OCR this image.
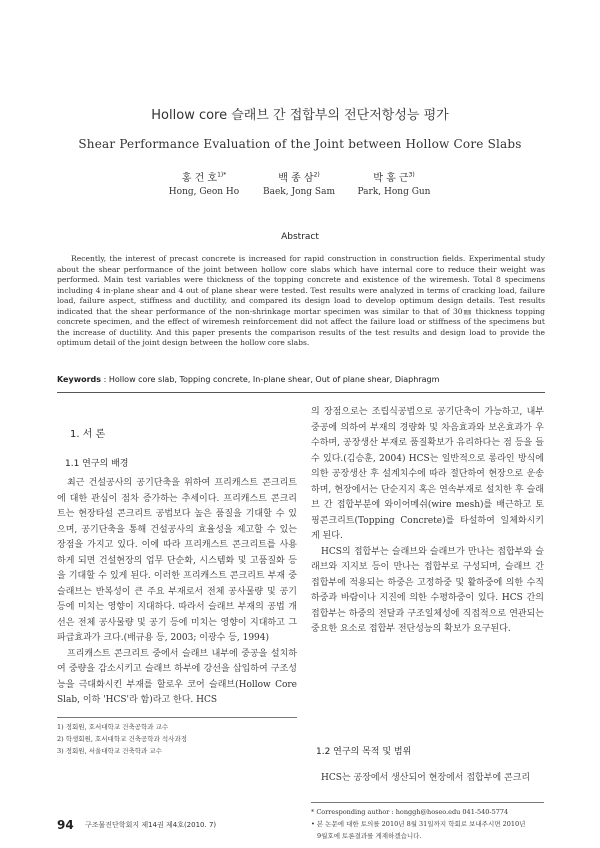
Hollow core 슬래브 간 접합부의 전단저항성능 평가
Shear Performance Evaluation of the Joint between Hollow Core Slabs
홍 건 호$^{1)*}$	백 종 삼$^{2)}$	박 홍 근$^{3)}$
Hong, Geon Ho	Baek, Jong Sam	Park, Hong Gun
Abstract
Recently, the interest of precast concrete is increased for rapid construction in construction fields. Experimental study about the shear performance of the joint between hollow core slabs which have internal core to reduce their weight was performed. Main test variables were thickness of the topping concrete and existence of the wiremesh. Total 8 specimens including 4 in-plane shear and 4 out of plane shear were tested. Test results were analyzed in terms of cracking load, failure load, failure aspect, stiffness and ductility, and compared its design load to develop optimum design details. Test results indicated that the shear performance of the non-shrinkage mortar specimen was similar to that of 30㎜ thickness topping concrete specimen, and the effect of wiremesh reinforcement did not affect the failure load or stiffness of the specimens but the increase of ductility. And this paper presents the comparison results of the test results and design load to provide the optimum detail of the joint design between the hollow core slabs.
Keywords : Hollow core slab, Topping concrete, In-plane shear, Out of plane shear, Diaphragm
1. 서 론
1.1 연구의 배경

최근 건설공사의 공기단축을 위하여 프리캐스트 콘크리트에 대한 관심이 점차 증가하는 추세이다. 프리캐스트 콘크리트는 현장타설 콘크리트 공법보다 높은 품질을 기대할 수 있으며, 공기단축을 통해 건설공사의 효율성을 제고할 수 있는 장점을 가지고 있다. 이에 따라 프리캐스트 콘크리트를 사용하게 되면 건설현장의 업무 단순화, 시스템화 및 고품질화 등을 기대할 수 있게 된다. 이러한 프리캐스트 콘크리트 부재 중 슬래브는 반복성이 큰 주요 부재로서 전체 공사물량 및 공기 등에 미치는 영향이 지대하다. 따라서 슬래브 부재의 공법 개선은 전체 공사물량 및 공기 등에 미치는 영향이 지대하고 그 파급효과가 크다.(배규용 등, 2003; 이광수 등, 1994)

프리캐스트 콘크리트 중에서 슬래브 내부에 중공을 설치하여 중량을 감소시키고 슬래브 하부에 강선을 삽입하여 구조성능을 극대화시킨 부재를 할로우 코어 슬래브(Hollow Core Slab, 이하 'HCS'라 함)라고 한다. HCS

의 장점으로는 조립식공법으로 공기단축이 가능하고, 내부 중공에 의하여 부재의 경량화 및 차음효과와 보온효과가 우수하며, 공장생산 부재로 품질확보가 유리하다는 점 등을 들 수 있다.(김승훈, 2004) HCS는 일반적으로 롱라인 방식에 의한 공장생산 후 설계치수에 따라 절단하여 현장으로 운송하며, 현장에서는 단순지지 혹은 연속부재로 설치한 후 슬래브 간 접합부분에 와이어메쉬(wire mesh)를 배근하고 토핑콘크리트(Topping Concrete)를 타설하여 일체화시키게 된다.

HCS의 접합부는 슬래브와 슬래브가 만나는 접합부와 슬래브와 지지보 등이 만나는 접합부로 구성되며, 슬래브 간 접합부에 적용되는 하중은 고정하중 및 활하중에 의한 수직하중과 바람이나 지진에 의한 수평하중이 있다. HCS 간의 접합부는 하중의 전달과 구조일체성에 직접적으로 연관되는 중요한 요소로 접합부 전단성능의 확보가 요구된다.

1.2 연구의 목적 및 범위

HCS는 공장에서 생산되어 현장에서 접합부에 콘크리

1) 정회원, 호서대학교 건축공학과 교수
2) 학생회원, 호서대학교 건축공학과 석사과정
3) 정회원, 서울대학교 건축학과 교수
* Corresponding author : honggh@hoseo.edu 041-540-5774
• 본 논문에 대한 토의를 2010년 8월 31일까지 학회로 보내주시면 2010년
9월호에 토론결과를 게재하겠습니다.
94 구조물진단학회지 제14권 제4호(2010. 7)
